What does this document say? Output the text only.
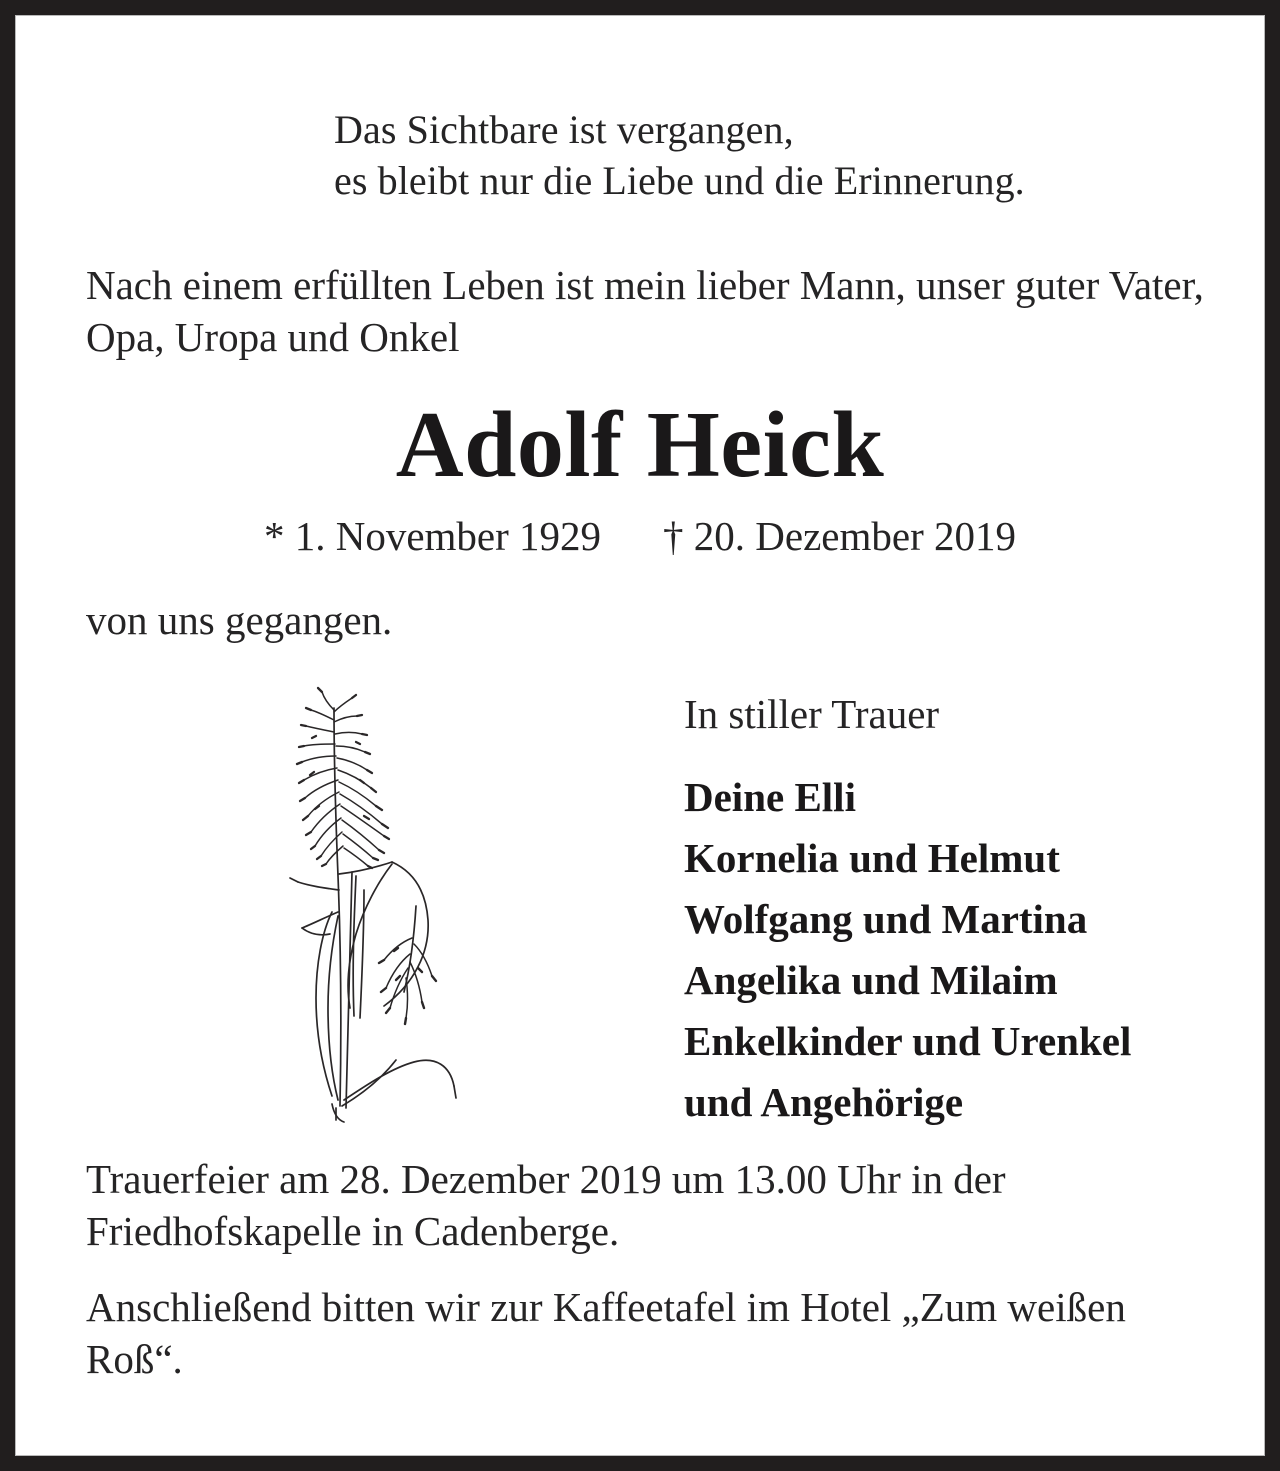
Das Sichtbare ist vergangen,
es bleibt nur die Liebe und die Erinnerung.
Nach einem erfüllten Leben ist mein lieber Mann, unser guter Vater, Opa, Uropa und Onkel
Adolf Heick
* 1. November 1929 † 20. Dezember 2019
von uns gegangen.
In stiller Trauer
Deine Elli
Kornelia und Helmut
Wolfgang und Martina
Angelika und Milaim
Enkelkinder und Urenkel
und Angehörige
Trauerfeier am 28. Dezember 2019 um 13.00 Uhr in der Friedhofskapelle in Cadenberge.
Anschließend bitten wir zur Kaffeetafel im Hotel „Zum weißen Roß“.
